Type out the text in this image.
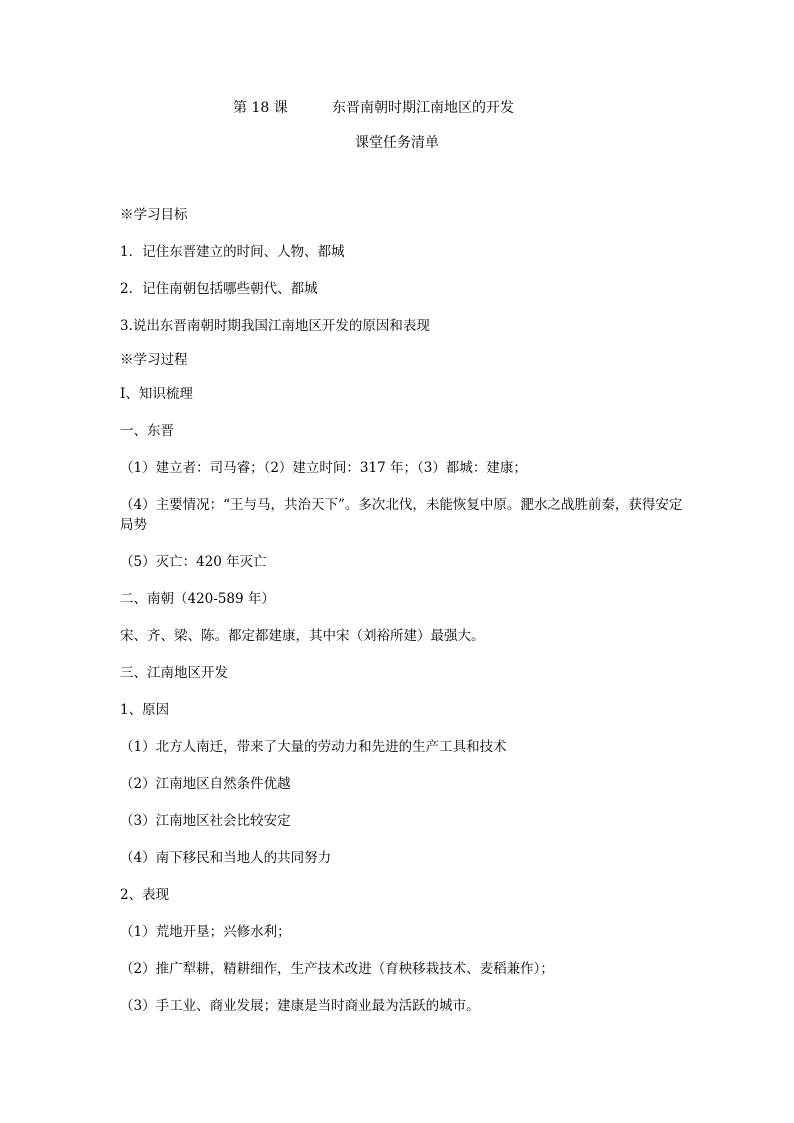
第 18 课	东晋南朝时期江南地区的开发
课堂任务清单

※学习目标

1．记住东晋建立的时间、人物、都城

2．记住南朝包括哪些朝代、都城

3.说出东晋南朝时期我国江南地区开发的原因和表现

※学习过程

Ⅰ、知识梳理

一、东晋

（1）建立者：司马睿；（2）建立时间：317 年；（3）都城：建康；

（4）主要情况：“王与马，共治天下”。多次北伐，未能恢复中原。淝水之战胜前秦，获得安定局势

（5）灭亡：420 年灭亡

二、南朝（420-589 年）

宋、齐、梁、陈。都定都建康，其中宋（刘裕所建）最强大。

三、江南地区开发

1、原因

（1）北方人南迁，带来了大量的劳动力和先进的生产工具和技术

（2）江南地区自然条件优越

（3）江南地区社会比较安定

（4）南下移民和当地人的共同努力

2、表现

（1）荒地开垦；兴修水利；

（2）推广犁耕，精耕细作，生产技术改进（育秧移栽技术、麦稻兼作）；

（3）手工业、商业发展；建康是当时商业最为活跃的城市。
